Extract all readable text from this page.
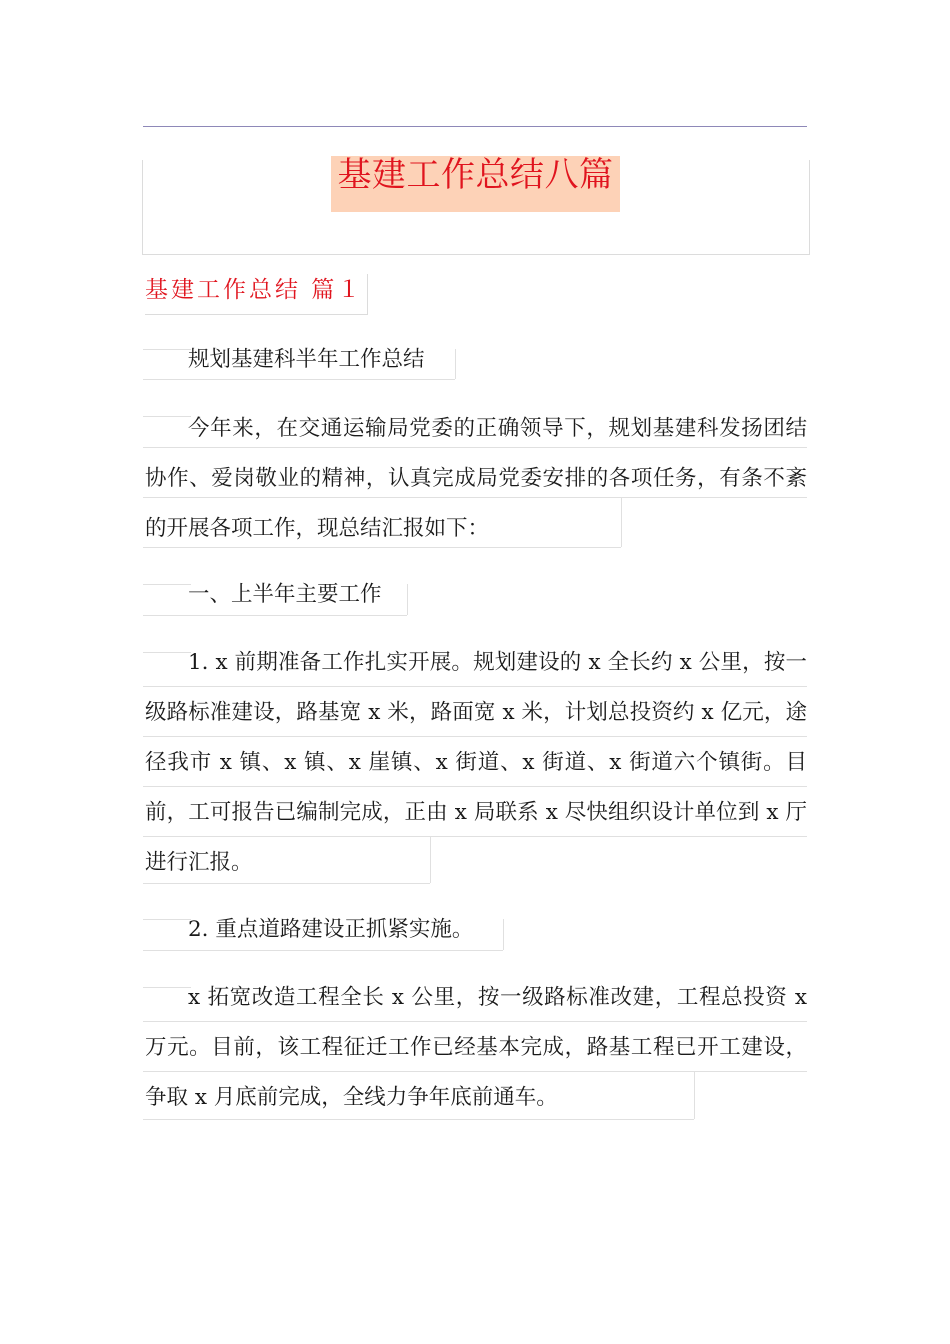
基建工作总结八篇
基建工作总结 篇１

规划基建科半年工作总结

今年来，在交通运输局党委的正确领导下，规划基建科发扬团结协作、爱岗敬业的精神，认真完成局党委安排的各项任务，有条不紊的开展各项工作，现总结汇报如下：

一、上半年主要工作

1. x 前期准备工作扎实开展。规划建设的 x 全长约 x 公里，按一级路标准建设，路基宽 x 米，路面宽 x 米，计划总投资约 x 亿元，途径我市 x 镇、x 镇、x 崖镇、x 街道、x 街道、x 街道六个镇街。目前，工可报告已编制完成，正由 x 局联系 x 尽快组织设计单位到 x 厅进行汇报。

2. 重点道路建设正抓紧实施。

x 拓宽改造工程全长 x 公里，按一级路标准改建，工程总投资 x 万元。目前，该工程征迁工作已经基本完成，路基工程已开工建设，争取 x 月底前完成，全线力争年底前通车。
